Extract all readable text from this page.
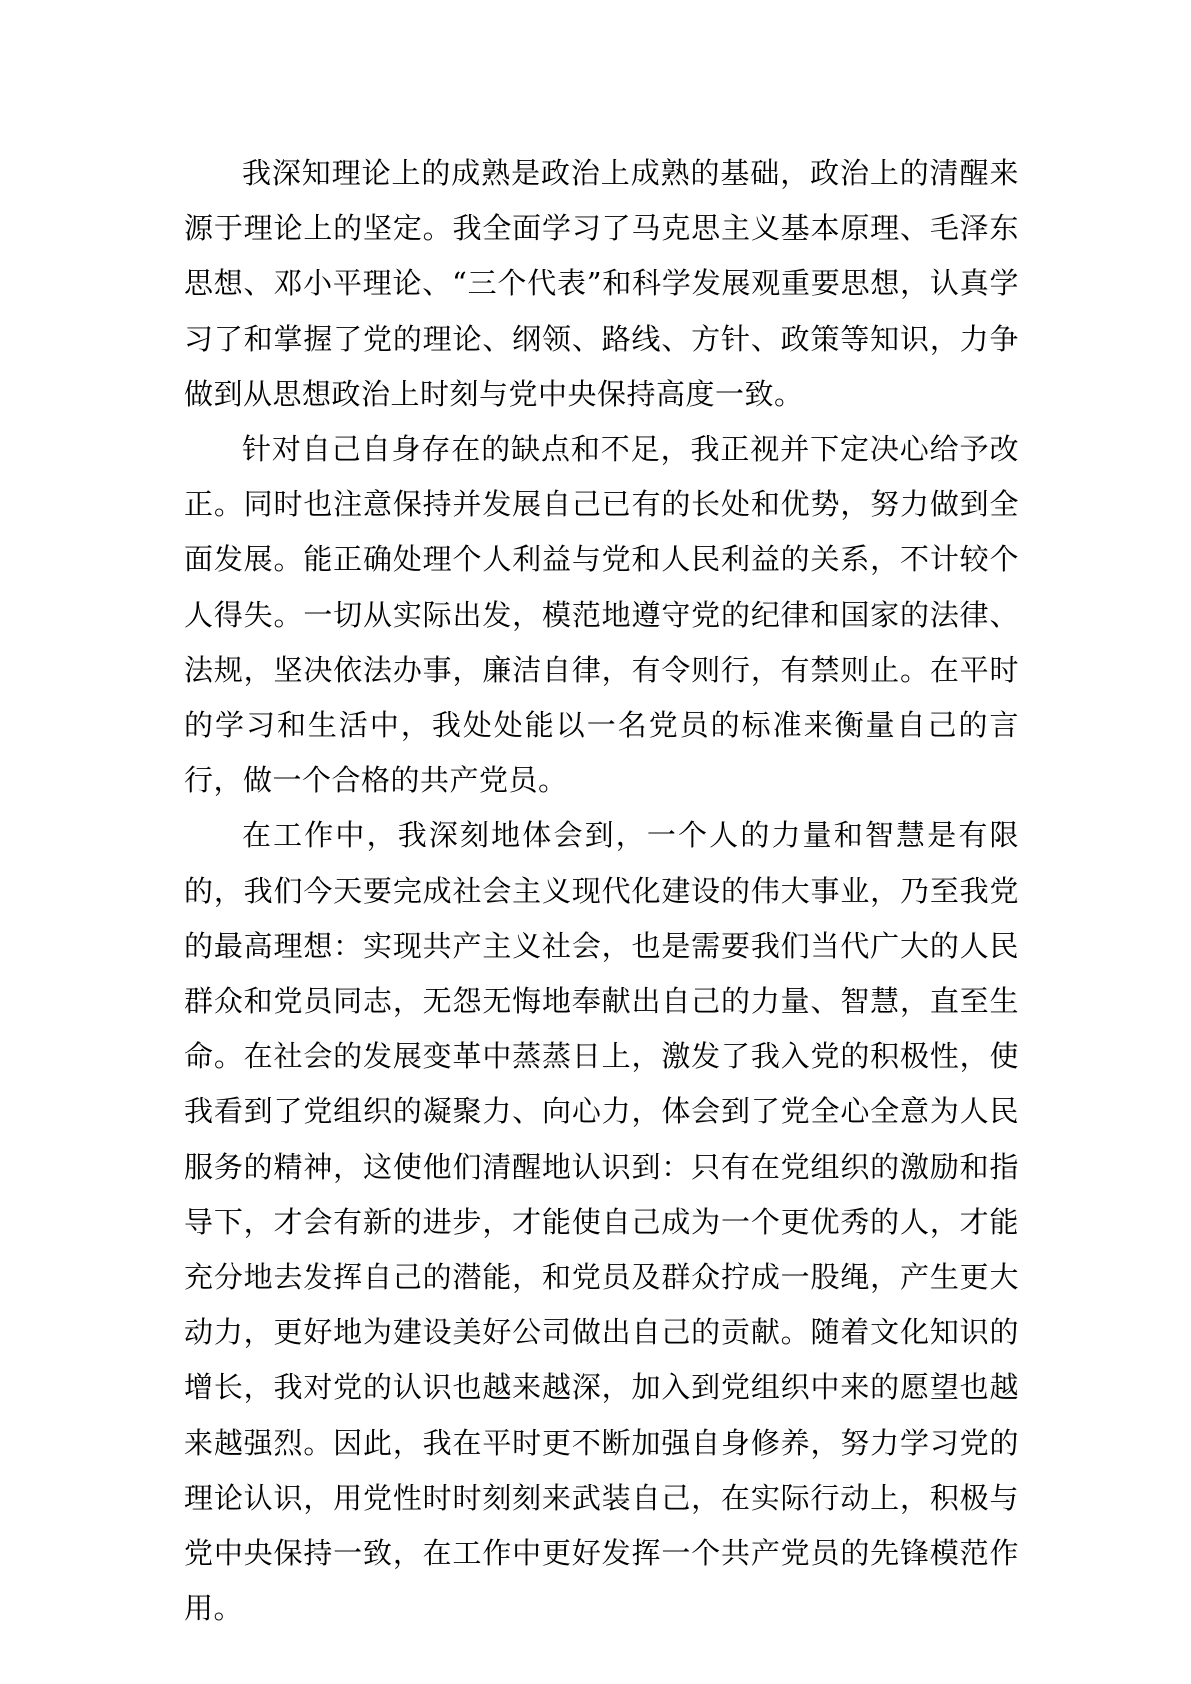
我深知理论上的成熟是政治上成熟的基础，政治上的清醒来源于理论上的坚定。我全面学习了马克思主义基本原理、毛泽东思想、邓小平理论、“三个代表”和科学发展观重要思想，认真学习了和掌握了党的理论、纲领、路线、方针、政策等知识，力争做到从思想政治上时刻与党中央保持高度一致。

针对自己自身存在的缺点和不足，我正视并下定决心给予改正。同时也注意保持并发展自己已有的长处和优势，努力做到全面发展。能正确处理个人利益与党和人民利益的关系，不计较个人得失。一切从实际出发，模范地遵守党的纪律和国家的法律、法规，坚决依法办事，廉洁自律，有令则行，有禁则止。在平时的学习和生活中，我处处能以一名党员的标准来衡量自己的言行，做一个合格的共产党员。

在工作中，我深刻地体会到，一个人的力量和智慧是有限的，我们今天要完成社会主义现代化建设的伟大事业，乃至我党的最高理想：实现共产主义社会，也是需要我们当代广大的人民群众和党员同志，无怨无悔地奉献出自己的力量、智慧，直至生命。在社会的发展变革中蒸蒸日上，激发了我入党的积极性，使我看到了党组织的凝聚力、向心力，体会到了党全心全意为人民服务的精神，这使他们清醒地认识到：只有在党组织的激励和指导下，才会有新的进步，才能使自己成为一个更优秀的人，才能充分地去发挥自己的潜能，和党员及群众拧成一股绳，产生更大动力，更好地为建设美好公司做出自己的贡献。随着文化知识的增长，我对党的认识也越来越深，加入到党组织中来的愿望也越来越强烈。因此，我在平时更不断加强自身修养，努力学习党的理论认识，用党性时时刻刻来武装自己，在实际行动上，积极与党中央保持一致，在工作中更好发挥一个共产党员的先锋模范作用。
